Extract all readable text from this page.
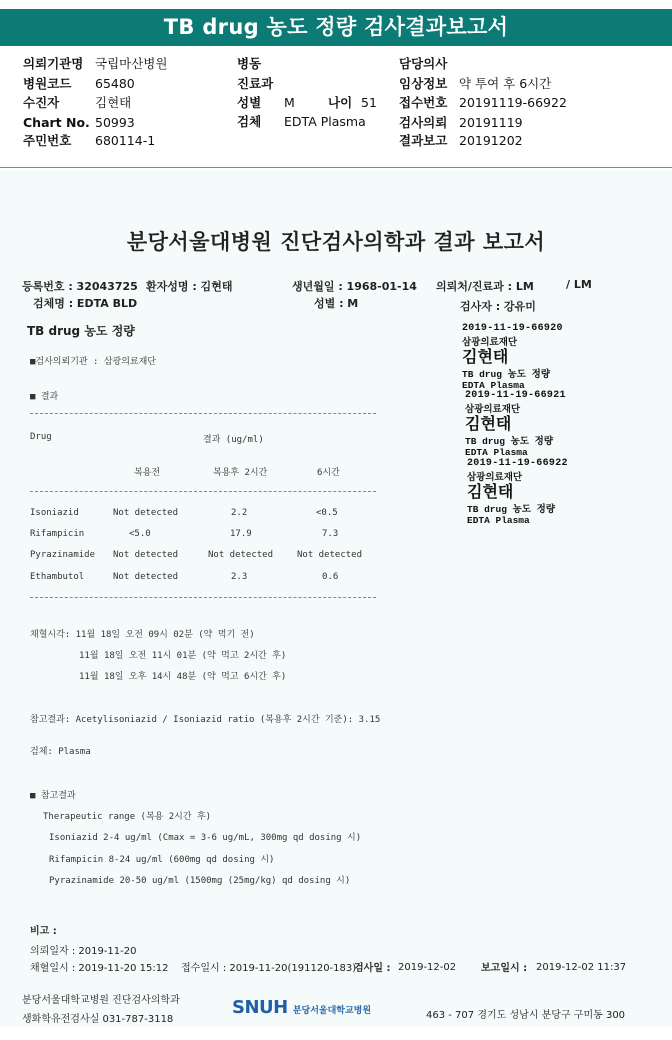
TB drug 농도 정량 검사결과보고서
의뢰기관명 국립마산병원
병원코드 65480
수진자	김현태
Chart No. 50993
주민번호 680114-1
병동
진료과
성별 M	나이 51
검체 EDTA Plasma
담당의사
임상정보 약 투여 후 6시간
접수번호 20191119-66922
검사의뢰 20191119
결과보고 20191202
분당서울대병원 진단검사의학과 결과 보고서
등록번호 : 32043725 환자성명 : 김현태	생년월일 : 1968-01-14 의뢰처/진료과 : LM	/ LM
검체명 : EDTA BLD	성별 : M	검사자 : 강유미
TB drug 농도 정량
■검사의뢰기관 : 삼광의료재단
■ 결과
Drug	결과 (ug/ml)
복용전	복용후 2시간	6시간
Isoniazid	Not detected	2.2	<0.5
Rifampicin	<5.0	17.9	7.3
Pyrazinamide Not detected	Not detected	Not detected
Ethambutol	Not detected	2.3	0.6
채혈시각: 11월 18일 오전 09시 02분 (약 먹기 전)
11월 18일 오전 11시 01분 (약 먹고 2시간 후)
11월 18일 오후 14시 48분 (약 먹고 6시간 후)
참고결과: Acetylisoniazid / Isoniazid ratio (복용후 2시간 기준): 3.15
검체: Plasma
■ 참고결과
Therapeutic range (복용 2시간 후)
Isoniazid 2-4 ug/ml (Cmax = 3-6 ug/mL, 300mg qd dosing 시)
Rifampicin 8-24 ug/ml (600mg qd dosing 시)
Pyrazinamide 20-50 ug/ml (1500mg (25mg/kg) qd dosing 시)
비고 :
의뢰일자 : 2019-11-20
채혈일시 : 2019-11-20 15:12 접수일시 : 2019-11-20(191120-183)
검사일 : 2019-12-02 보고일시 : 2019-12-02 11:37
분당서울대학교병원 진단검사의학과
생화학유전검사실 031-787-3118
SNUH 분당서울대학교병원	463 - 707 경기도 성남시 분당구 구미동 300
2019-11-19-66920
삼광의료재단
김현태
TB drug 농도 정량
EDTA Plasma
2019-11-19-66921
삼광의료재단
김현태
TB drug 농도 정량
EDTA Plasma
2019-11-19-66922
삼광의료재단
김현태
TB drug 농도 정량
EDTA Plasma
